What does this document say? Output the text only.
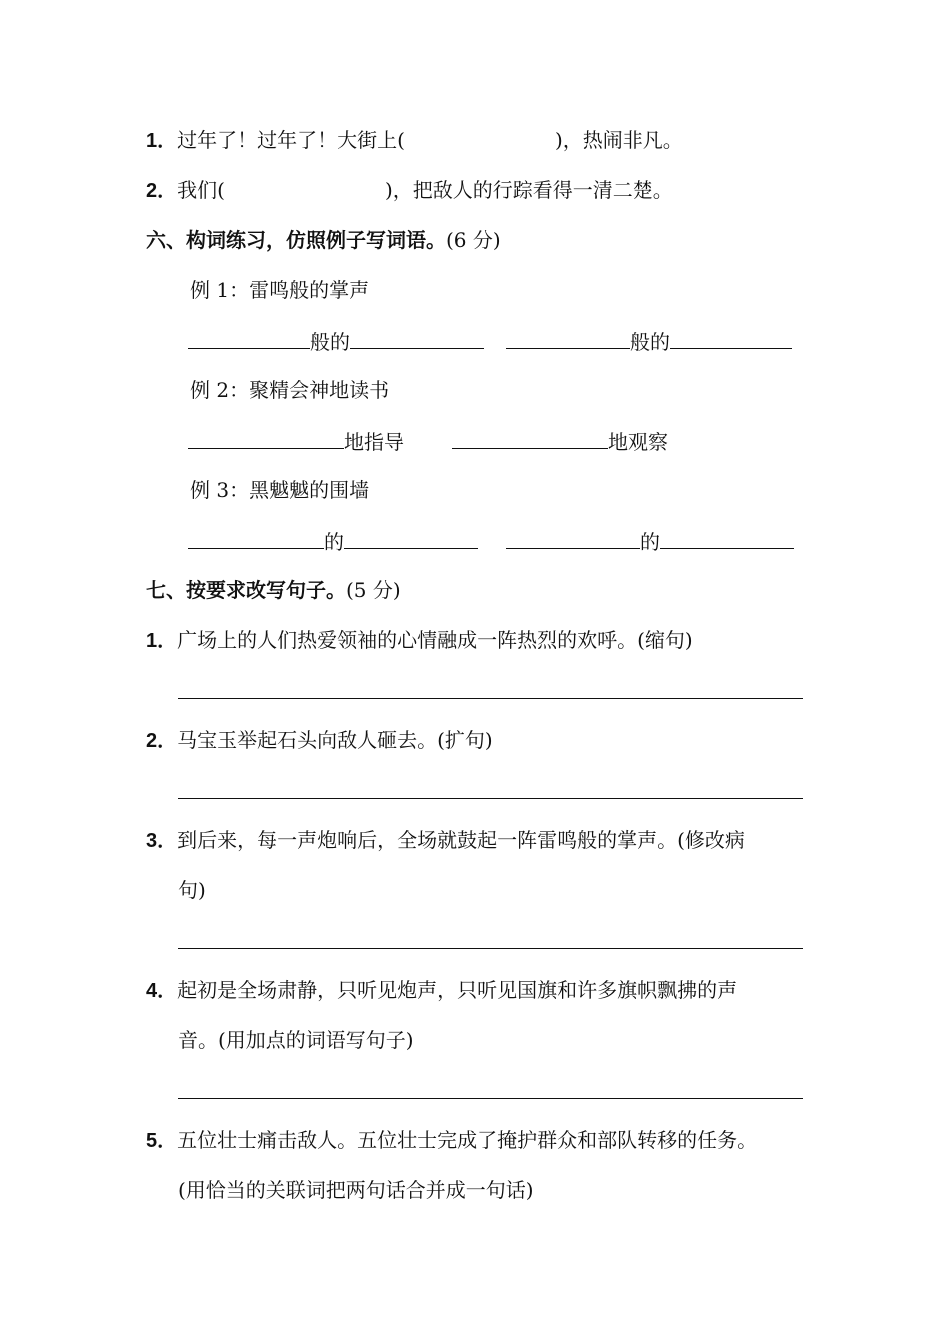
1．过年了！过年了！大街上(	)，热闹非凡。
2．我们(	)，把敌人的行踪看得一清二楚。
六、构词练习，仿照例子写词语。(6 分)
例 1：雷鸣般的掌声
般的	般的
例 2：聚精会神地读书
地指导	地观察
例 3：黑魆魆的围墙
的	的
七、按要求改写句子。(5 分)
1．广场上的人们热爱领袖的心情融成一阵热烈的欢呼。(缩句)
2．马宝玉举起石头向敌人砸去。(扩句)
3．到后来，每一声炮响后，全场就鼓起一阵雷鸣般的掌声。(修改病
句)
4．起初是全场肃静，只听见炮声，只听见国旗和许多旗帜飘拂的声
音。(用加点的词语写句子)
5．五位壮士痛击敌人。五位壮士完成了掩护群众和部队转移的任务。
(用恰当的关联词把两句话合并成一句话)
